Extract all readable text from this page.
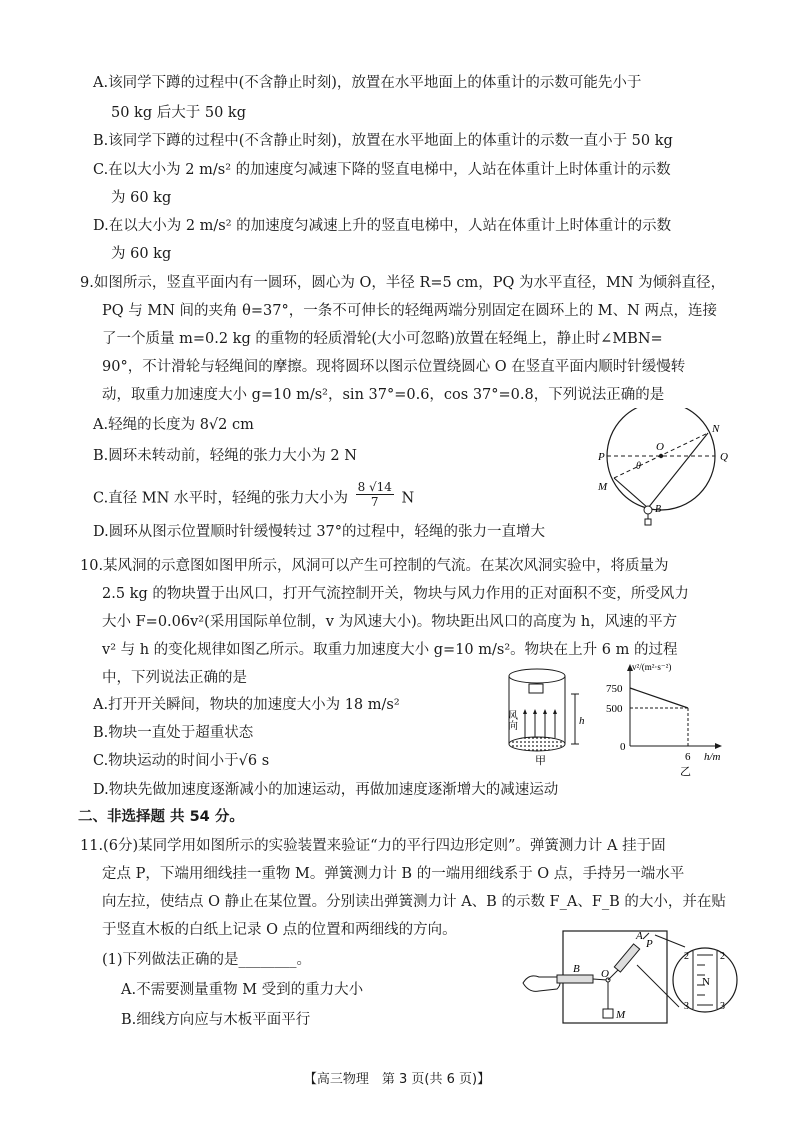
A.该同学下蹲的过程中(不含静止时刻)，放置在水平地面上的体重计的示数可能先小于
50 kg 后大于 50 kg
B.该同学下蹲的过程中(不含静止时刻)，放置在水平地面上的体重计的示数一直小于 50 kg
C.在以大小为 2 m/s² 的加速度匀减速下降的竖直电梯中，人站在体重计上时体重计的示数
为 60 kg
D.在以大小为 2 m/s² 的加速度匀减速上升的竖直电梯中，人站在体重计上时体重计的示数
为 60 kg
9.如图所示，竖直平面内有一圆环，圆心为 O，半径 R=5 cm，PQ 为水平直径，MN 为倾斜直径，
PQ 与 MN 间的夹角 θ=37°，一条不可伸长的轻绳两端分别固定在圆环上的 M、N 两点，连接
了一个质量 m=0.2 kg 的重物的轻质滑轮(大小可忽略)放置在轻绳上，静止时∠MBN=
90°，不计滑轮与轻绳间的摩擦。现将圆环以图示位置绕圆心 O 在竖直平面内顺时针缓慢转
动，取重力加速度大小 g=10 m/s²，sin 37°=0.6，cos 37°=0.8，下列说法正确的是
A.轻绳的长度为 8√2 cm
B.圆环未转动前，轻绳的张力大小为 2 N
C.直径 MN 水平时，轻绳的张力大小为 $\frac{8 √14}{7}$ N
D.圆环从图示位置顺时针缓慢转过 37°的过程中，轻绳的张力一直增大
N
O
P	Q
M
B
θ
10.某风洞的示意图如图甲所示，风洞可以产生可控制的气流。在某次风洞实验中，将质量为
2.5 kg 的物块置于出风口，打开气流控制开关，物块与风力作用的正对面积不变，所受风力
大小 F=0.06v²(采用国际单位制，v 为风速大小)。物块距出风口的高度为 h，风速的平方
v² 与 h 的变化规律如图乙所示。取重力加速度大小 g=10 m/s²。物块在上升 6 m 的过程
中，下列说法正确的是
A.打开开关瞬间，物块的加速度大小为 18 m/s²
B.物块一直处于超重状态
C.物块运动的时间小于√6 s
D.物块先做加速度逐渐减小的加速运动，再做加速度逐渐增大的减速运动
h
风向
甲
v²/(m²·s⁻²)
750
500
0
6 h/m
乙
二、非选择题 共 54 分。
11.(6分)某同学用如图所示的实验装置来验证“力的平行四边形定则”。弹簧测力计 A 挂于固
定点 P，下端用细线挂一重物 M。弹簧测力计 B 的一端用细线系于 O 点，手持另一端水平
向左拉，使结点 O 静止在某位置。分别读出弹簧测力计 A、B 的示数 F_A、F_B 的大小，并在贴
于竖直木板的白纸上记录 O 点的位置和两细线的方向。
(1)下列做法正确的是________。
A.不需要测量重物 M 受到的重力大小
B.细线方向应与木板平面平行
A
P
B O
M
N
2	2
3	3
【高三物理　第 3 页(共 6 页)】
